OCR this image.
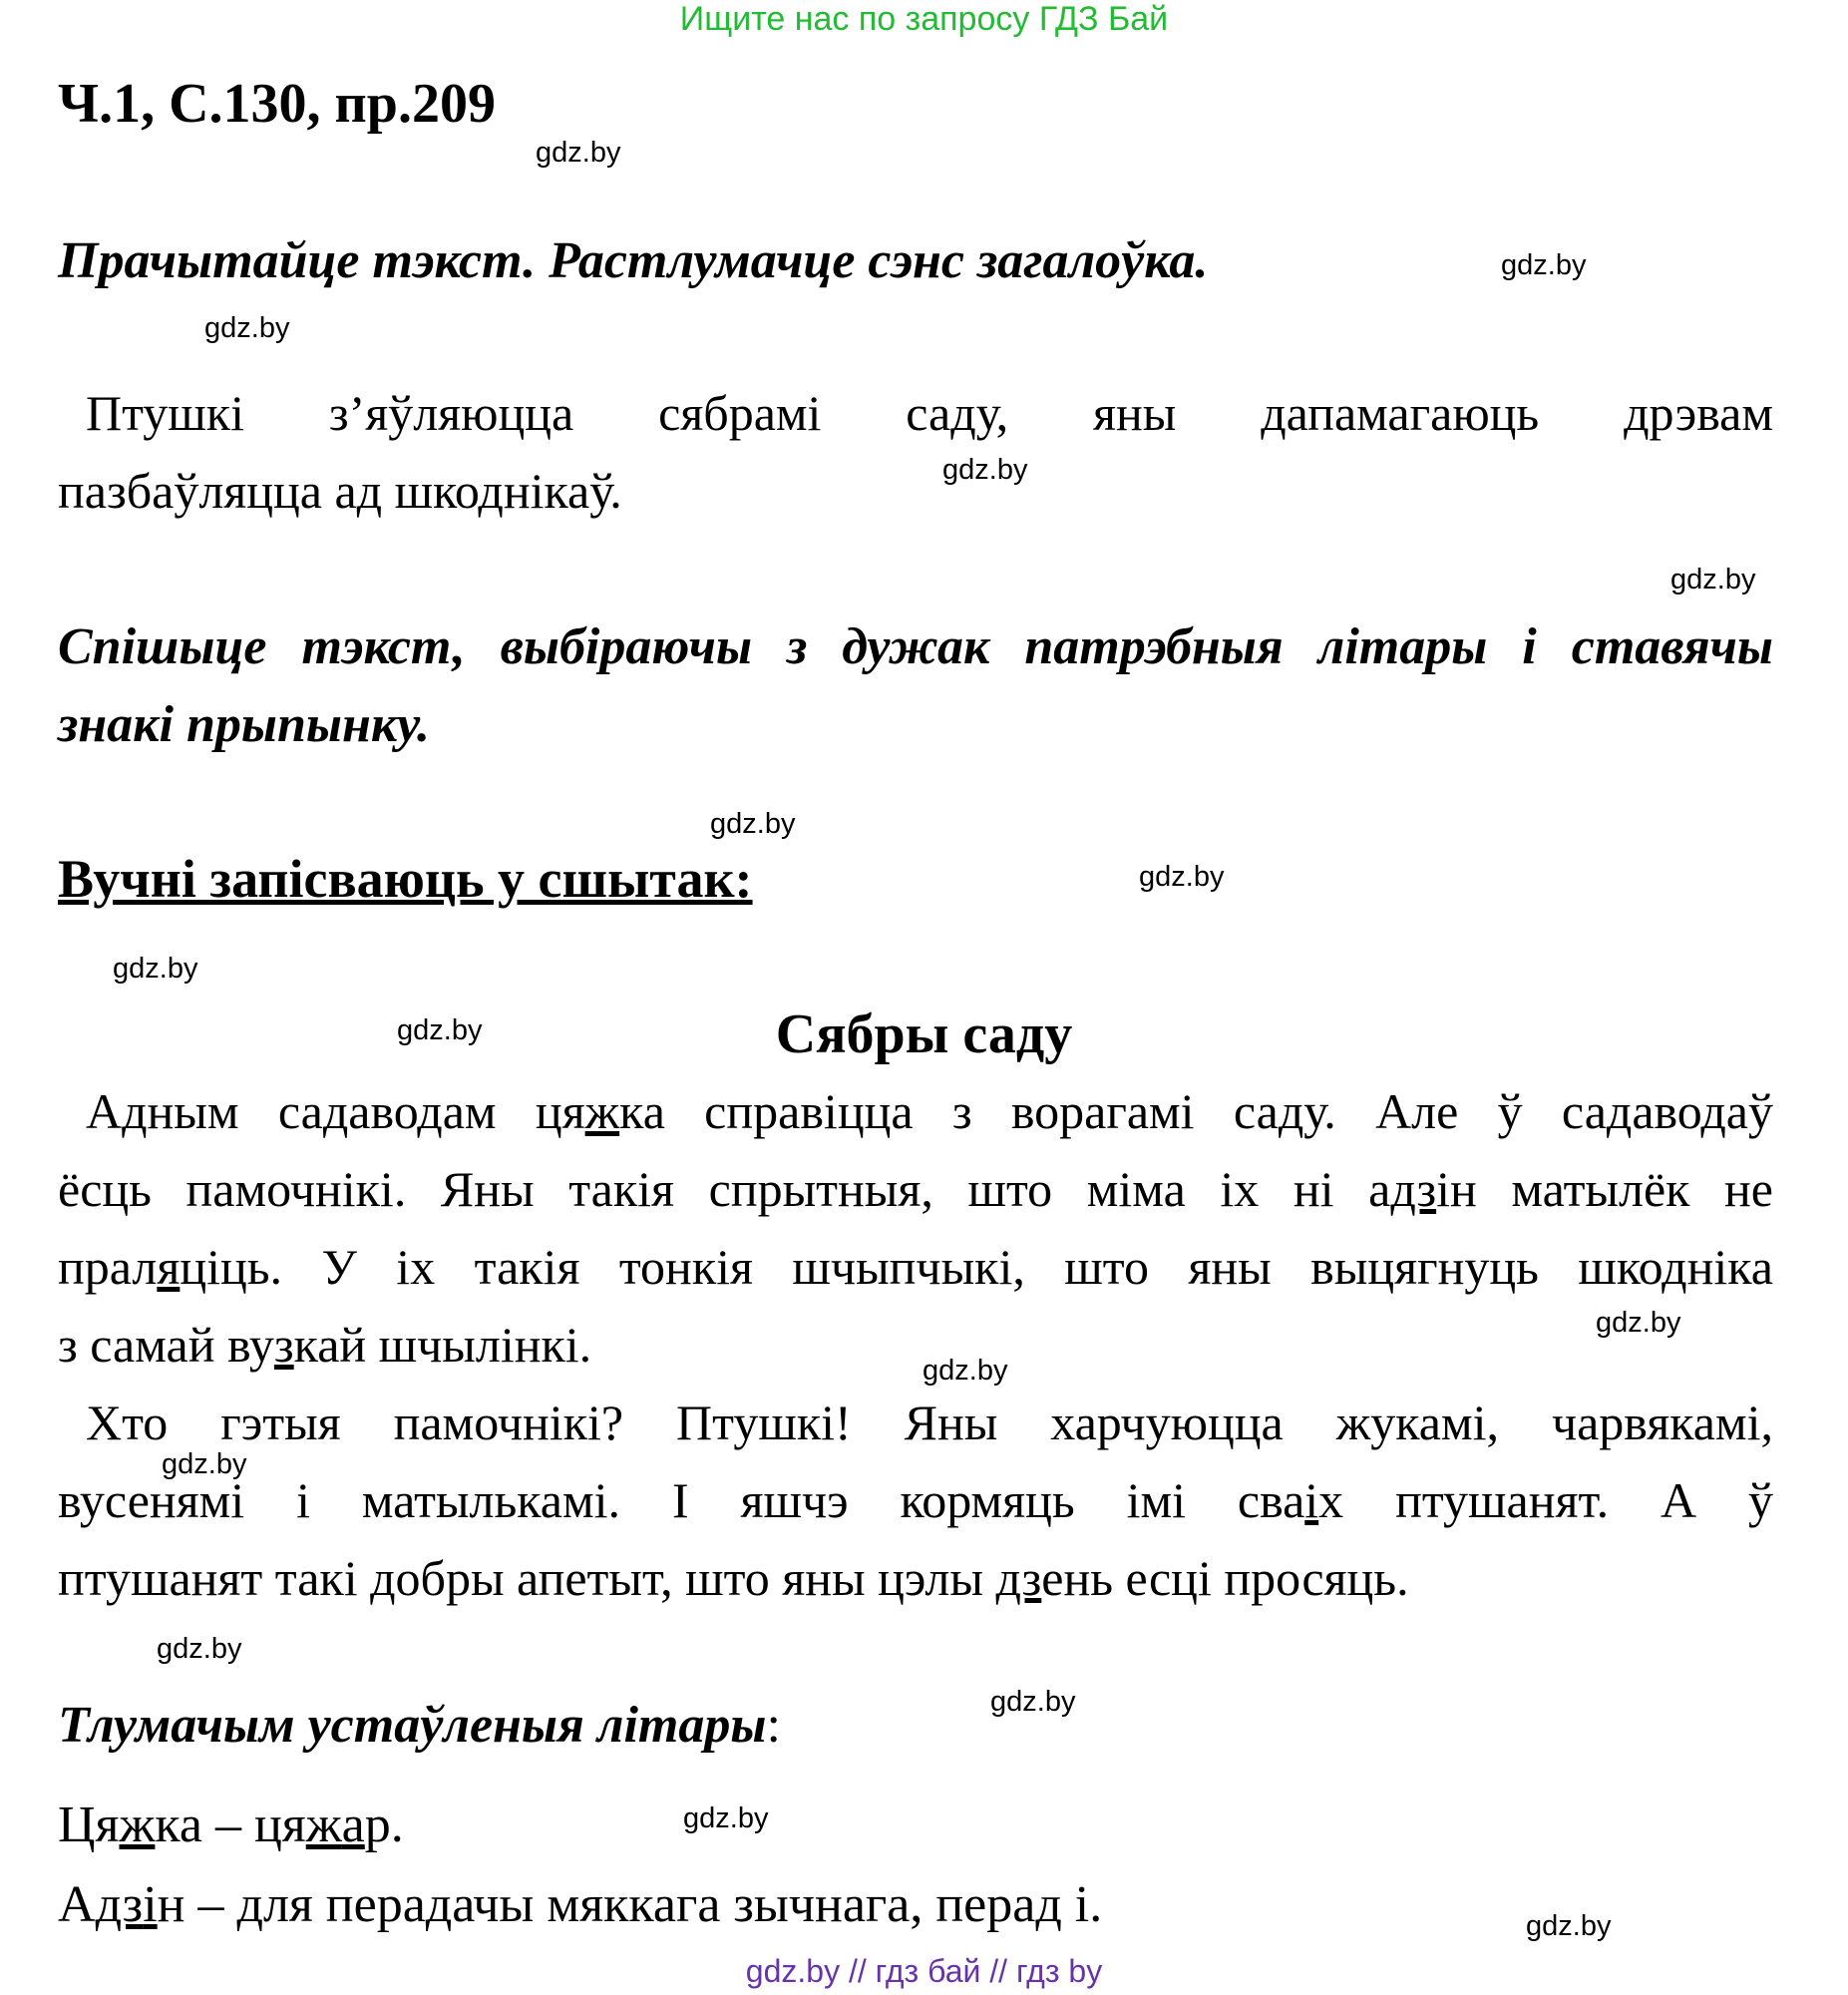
Ищите нас по запросу ГДЗ Бай
Ч.1, С.130, пр.209
Прачытайце тэкст. Растлумачце сэнс загалоўка.
Птушкі з’яўляюцца сябрамі саду, яны дапамагаюць дрэвам
пазбаўляцца ад шкоднікаў.
Спішыце тэкст, выбіраючы з дужак патрэбныя літары і ставячы
знакі прыпынку.
Вучні запісваюць у сшытак:
Сябры саду
Адным садаводам цяжка справіцца з ворагамі саду. Але ў садаводаў
ёсць памочнікі. Яны такія спрытныя, што міма іх ні адзін матылёк не
праляціць. У іх такія тонкія шчыпчыкі, што яны выцягнуць шкодніка
з самай вузкай шчылінкі.
Хто гэтыя памочнікі? Птушкі! Яны харчуюцца жукамі, чарвякамі,
вусенямі і матылькамі. І яшчэ кормяць імі сваіх птушанят. А ў
птушанят такі добры апетыт, што яны цэлы дзень есці просяць.
Тлумачым устаўленыя літары:
Цяжка – цяжар.
Адзін – для перадачы мяккага зычнага, перад і.
gdz.by
gdz.by
gdz.by
gdz.by
gdz.by
gdz.by
gdz.by
gdz.by
gdz.by
gdz.by
gdz.by
gdz.by
gdz.by
gdz.by
gdz.by
gdz.by
gdz.by // гдз бай // гдз by
